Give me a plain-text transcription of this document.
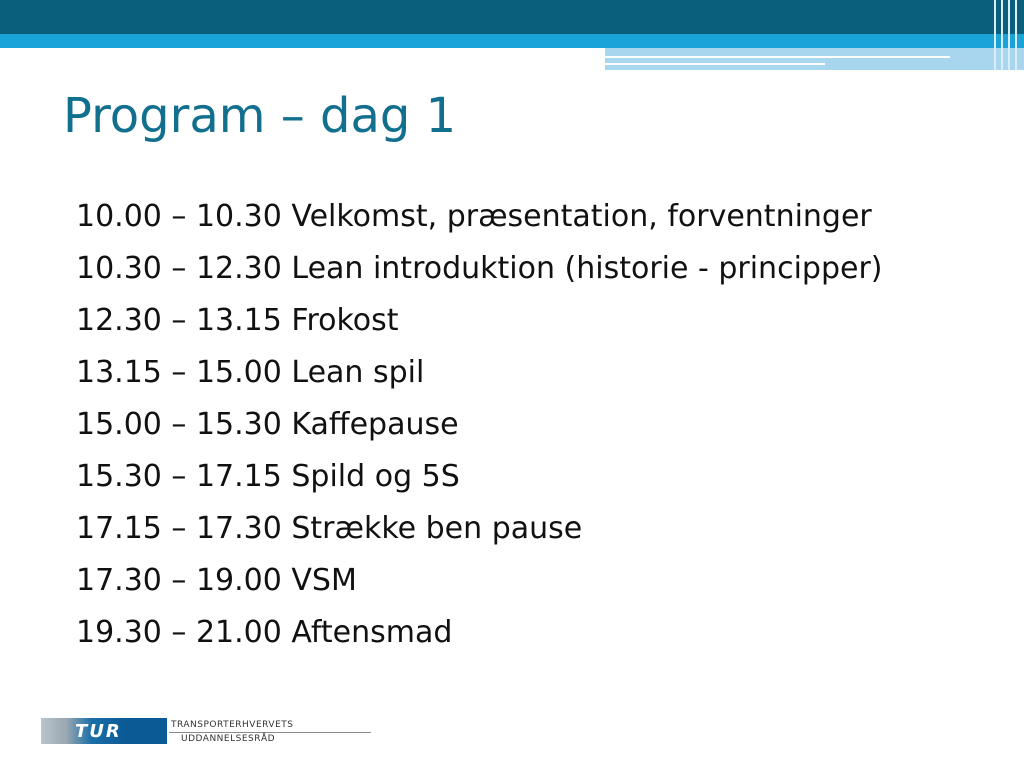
Program – dag 1
10.00 – 10.30 Velkomst, præsentation, forventninger
10.30 – 12.30 Lean introduktion (historie - principper)
12.30 – 13.15 Frokost
13.15 – 15.00 Lean spil
15.00 – 15.30 Kaffepause
15.30 – 17.15 Spild og 5S
17.15 – 17.30 Strække ben pause
17.30 – 19.00 VSM
19.30 – 21.00 Aftensmad
TUR	TRANSPORTERHVERVETS
UDDANNELSESRÅD
